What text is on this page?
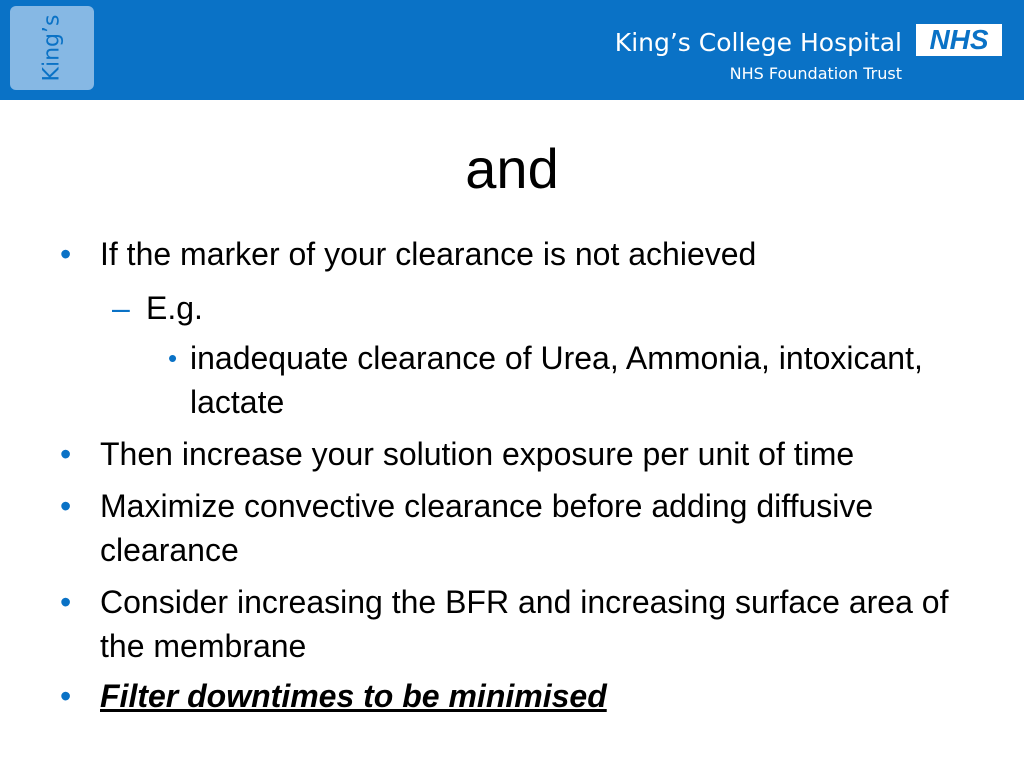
King’s	King’s College Hospital
NHS Foundation Trust
NHS
and
• If the marker of your clearance is not achieved
– E.g.
• inadequate clearance of Urea, Ammonia, intoxicant, lactate
• Then increase your solution exposure per unit of time
• Maximize convective clearance before adding diffusive clearance
• Consider increasing the BFR and increasing surface area of the membrane
• Filter downtimes to be minimised
